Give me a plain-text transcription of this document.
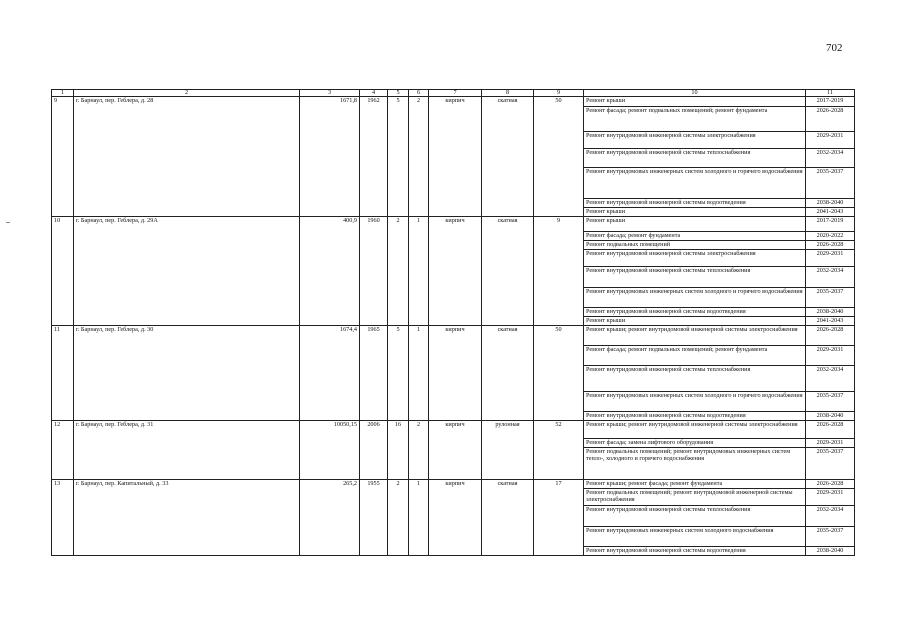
702
1	2	3	4	5	6	7	8	9	10	11
9	г. Барнаул, пер. Геблера, д. 28	1671,8	1962	5	2	кирпич	скатная	50	Ремонт крыши	2017-2019
									Ремонт фасада; ремонт подвальных помещений; ремонт фундамента	2026-2028
									Ремонт внутридомовой инженерной системы электроснабжения	2029-2031
									Ремонт внутридомовой инженерной системы теплоснабжения	2032-2034
									Ремонт внутридомовых инженерных систем холодного и горячего водоснабжения	2035-2037
									Ремонт внутридомовой инженерной системы водоотведения	2038-2040
									Ремонт крыши	2041-2043
10	г. Барнаул, пер. Геблера, д. 29А	400,9	1960	2	1	кирпич	скатная	9	Ремонт крыши	2017-2019
									Ремонт фасада; ремонт фундамента	2020-2022
									Ремонт подвальных помещений	2026-2028
									Ремонт внутридомовой инженерной системы электроснабжения	2029-2031
									Ремонт внутридомовой инженерной системы теплоснабжения	2032-2034
									Ремонт внутридомовых инженерных систем холодного и горячего водоснабжения	2035-2037
									Ремонт внутридомовой инженерной системы водоотведения	2038-2040
									Ремонт крыши	2041-2043
11	г. Барнаул, пер. Геблера, д. 30	1674,4	1965	5	1	кирпич	скатная	50	Ремонт крыши; ремонт внутридомовой инженерной системы электроснабжения	2026-2028
									Ремонт фасада; ремонт подвальных помещений; ремонт фундамента	2029-2031
									Ремонт внутридомовой инженерной системы теплоснабжения	2032-2034
									Ремонт внутридомовых инженерных систем холодного и горячего водоснабжения	2035-2037
									Ремонт внутридомовой инженерной системы водоотведения	2038-2040
12	г. Барнаул, пер. Геблера, д. 31	10050,15	2006	16	2	кирпич	рулонная	52	Ремонт крыши; ремонт внутридомовой инженерной системы электроснабжения	2026-2028
									Ремонт фасада; замена лифтового оборудования	2029-2031
									Ремонт подвальных помещений; ремонт внутридомовых инженерных систем тепло-, холодного и горячего водоснабжения	2035-2037
13	г. Барнаул, пер. Капитальный, д. 33	265,2	1955	2	1	кирпич	скатная	17	Ремонт крыши; ремонт фасада; ремонт фундамента	2026-2028
									Ремонт подвальных помещений; ремонт внутридомовой инженерной системы электроснабжения	2029-2031
									Ремонт внутридомовой инженерной системы теплоснабжения	2032-2034
									Ремонт внутридомовых инженерных систем холодного водоснабжения	2035-2037
									Ремонт внутридомовой инженерной системы водоотведения	2038-2040
